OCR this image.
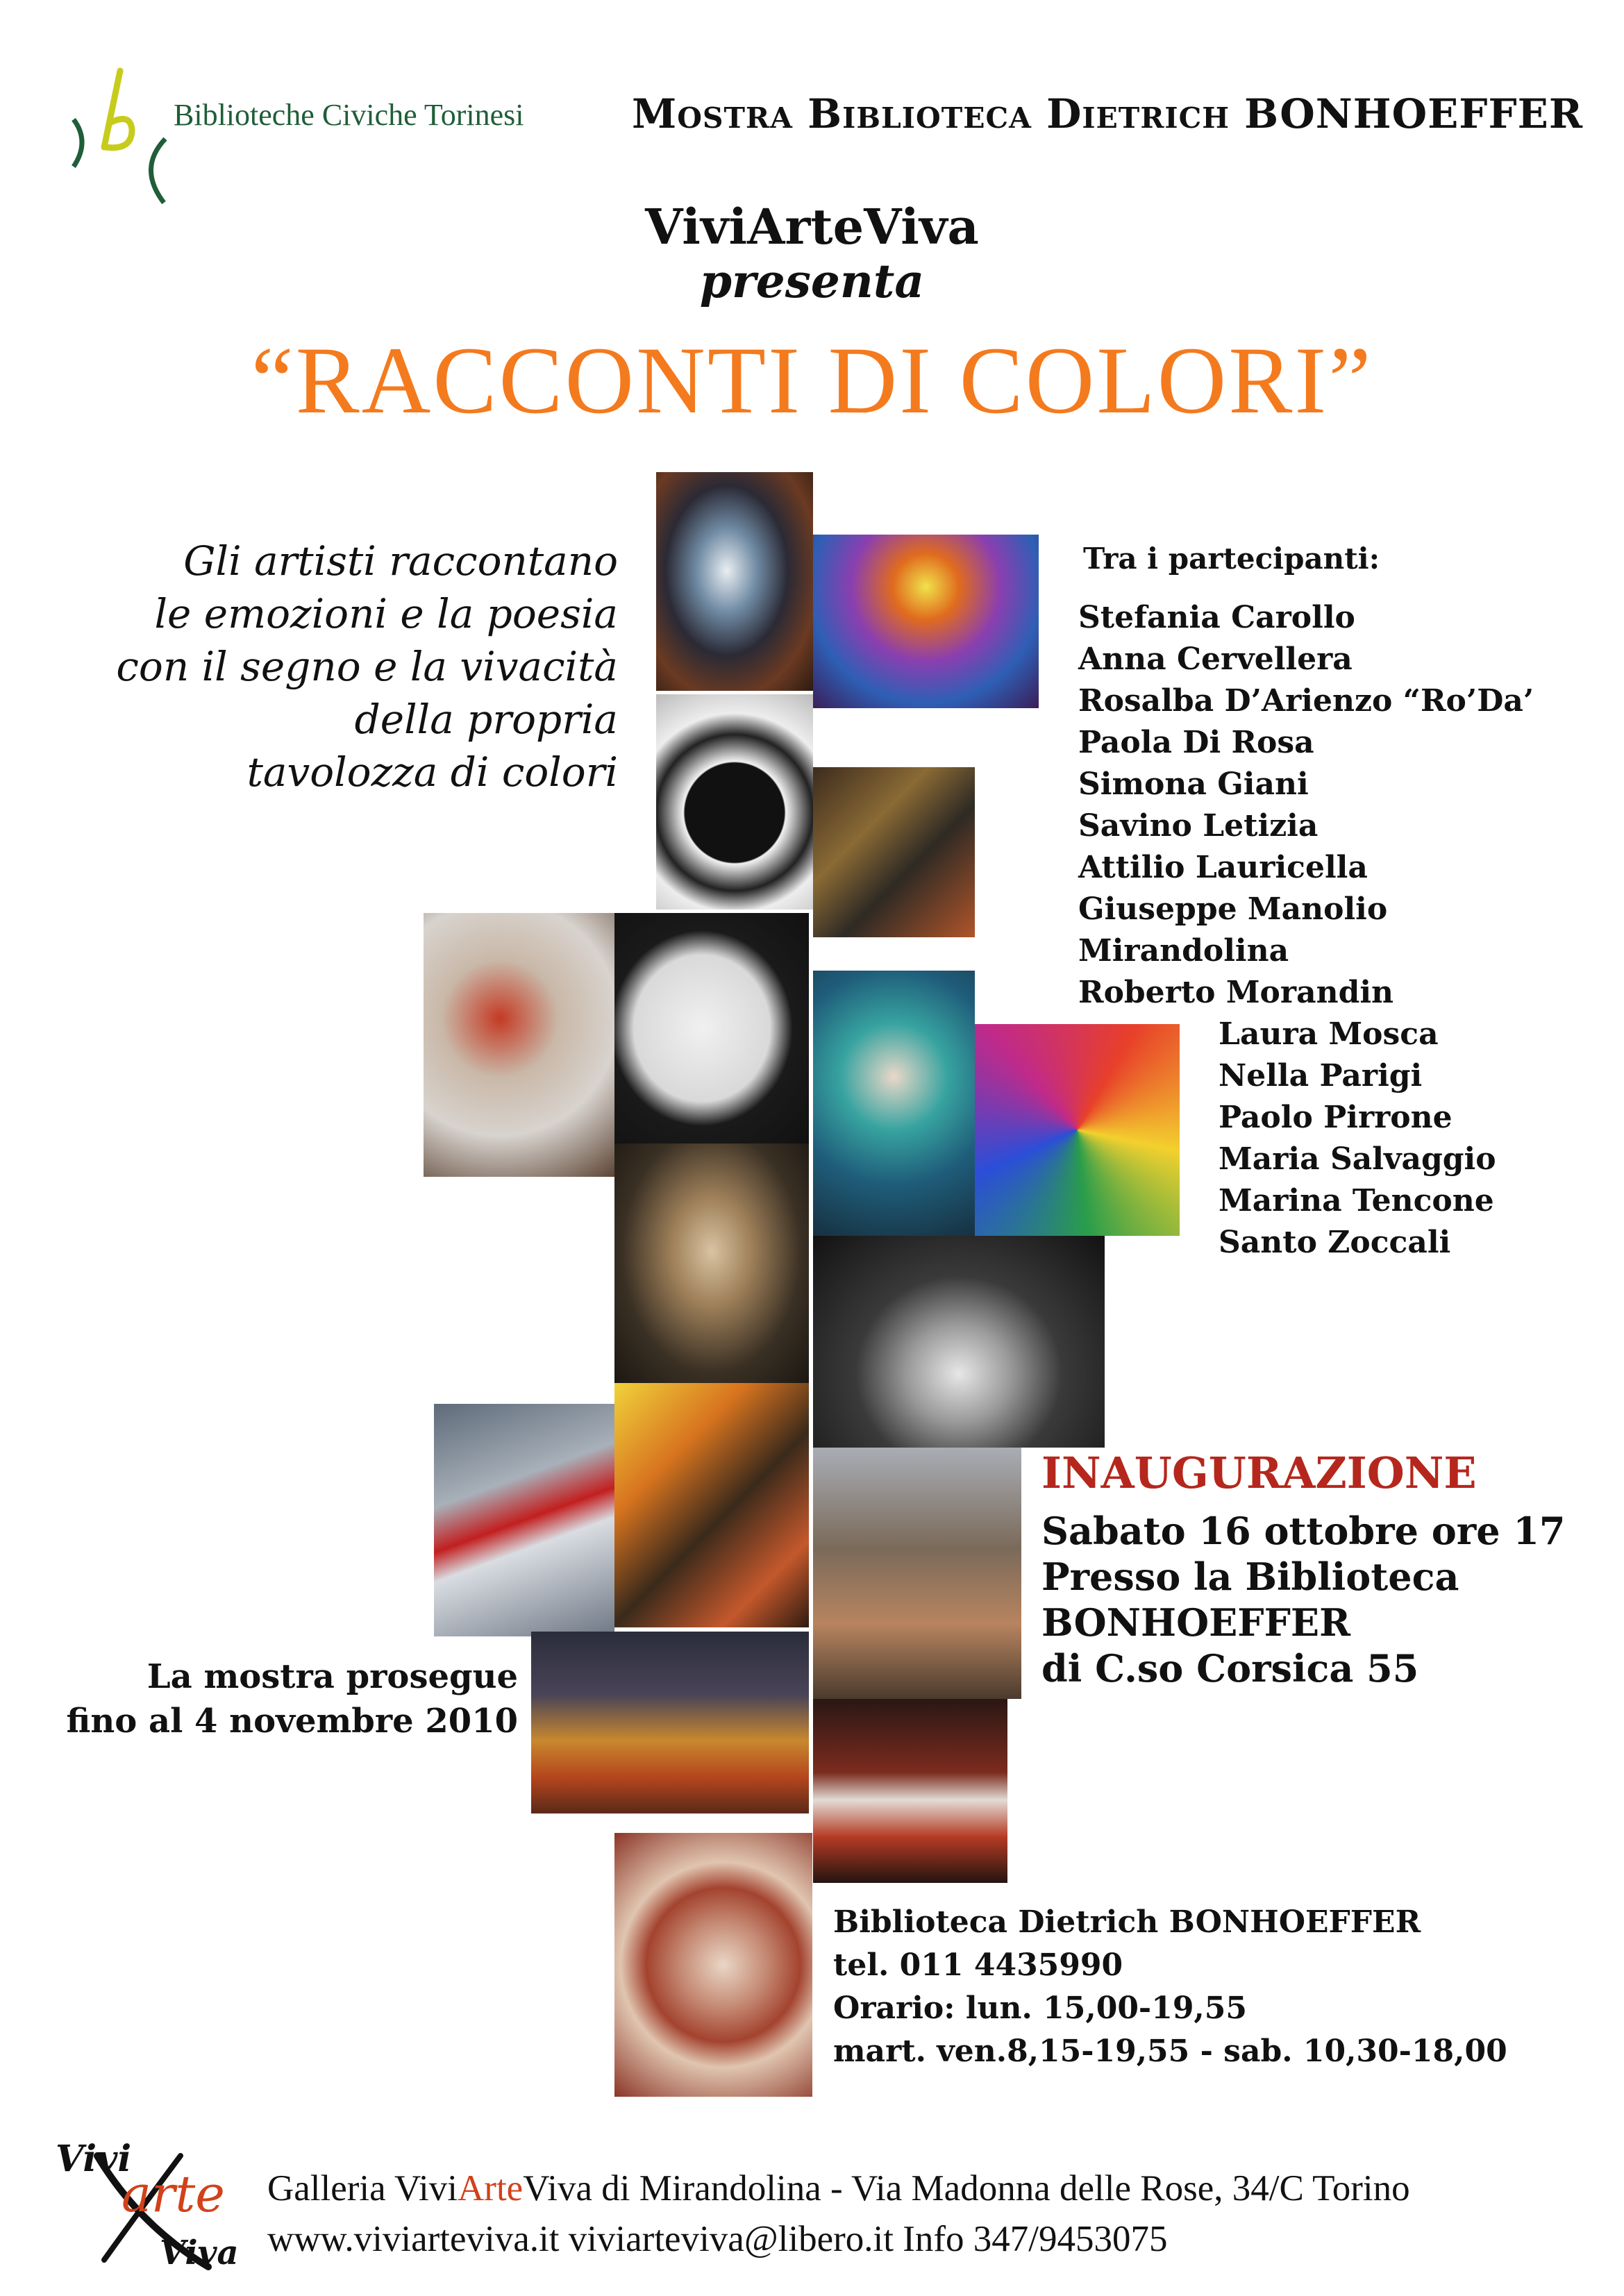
Biblioteche Civiche Torinesi	Mostra Biblioteca Dietrich BONHOEFFER
ViviArteViva
presenta
“RACCONTI DI COLORI”
Gli artisti raccontano
le emozioni e la poesia
con il segno e la vivacità
della propria
tavolozza di colori
Tra i partecipanti:
Stefania Carollo
Anna Cervellera
Rosalba D’Arienzo “Ro’Da’
Paola Di Rosa
Simona Giani
Savino Letizia
Attilio Lauricella
Giuseppe Manolio
Mirandolina
Roberto Morandin
Laura Mosca
Nella Parigi
Paolo Pirrone
Maria Salvaggio
Marina Tencone
Santo Zoccali
INAUGURAZIONE
Sabato 16 ottobre ore 17
Presso la Biblioteca
BONHOEFFER
di C.so Corsica 55
La mostra prosegue
fino al 4 novembre 2010
Biblioteca Dietrich BONHOEFFER
tel. 011 4435990
Orario: lun. 15,00-19,55
mart. ven.8,15-19,55 - sab. 10,30-18,00
Vivi
arte
Viva
Galleria ViviArteViva di Mirandolina - Via Madonna delle Rose, 34/C Torino
www.viviarteviva.it viviarteviva@libero.it Info 347/9453075
